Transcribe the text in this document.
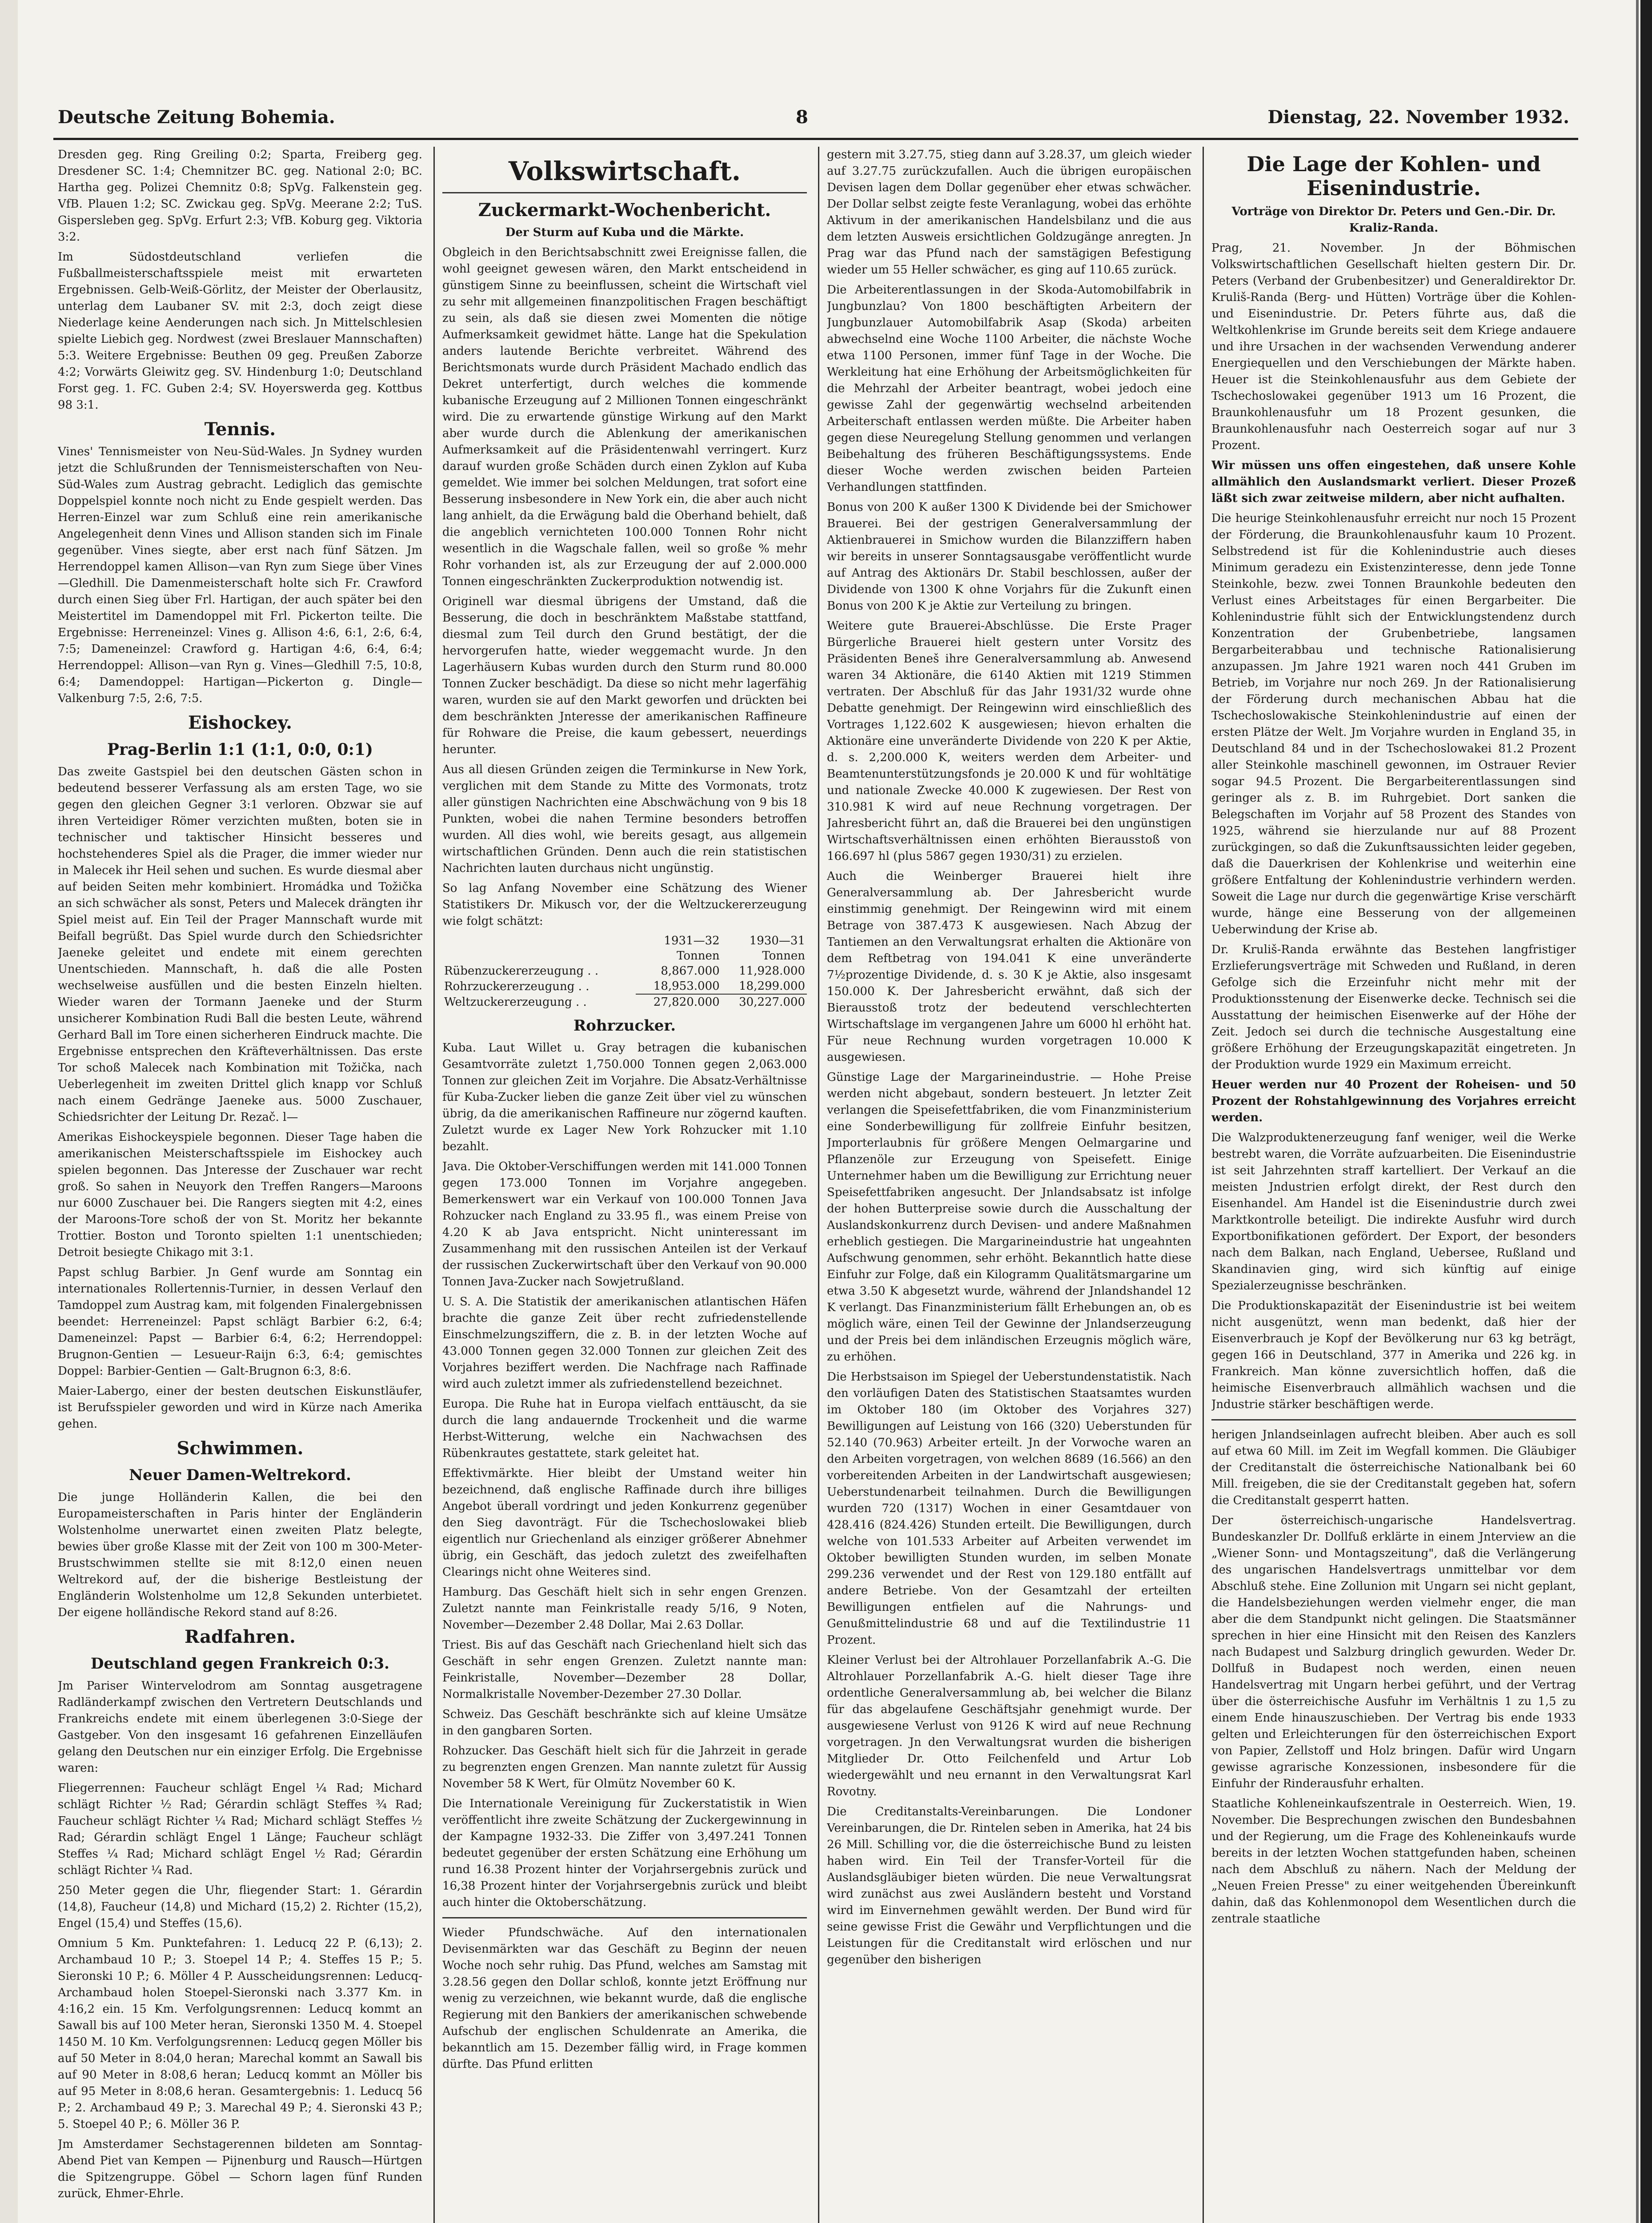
Deutsche Zeitung Bohemia.	8	Dienstag, 22. November 1932.

Dresden geg. Ring Greiling 0:2; Sparta, Freiberg geg. Dresdener SC. 1:4; Chemnitzer BC. geg. National 2:0; BC. Hartha geg. Polizei Chemnitz 0:8; SpVg. Falkenstein geg. VfB. Plauen 1:2; SC. Zwickau geg. SpVg. Meerane 2:2; TuS. Gispersleben geg. SpVg. Erfurt 2:3; VfB. Koburg geg. Viktoria 3:2.

Im Südostdeutschland verliefen die Fußballmeisterschaftsspiele meist mit erwarteten Ergebnissen. Gelb-Weiß-Görlitz, der Meister der Oberlausitz, unterlag dem Laubaner SV. mit 2:3, doch zeigt diese Niederlage keine Aenderungen nach sich. Jn Mittelschlesien spielte Liebich geg. Nordwest (zwei Breslauer Mannschaften) 5:3. Weitere Ergebnisse: Beuthen 09 geg. Preußen Zaborze 4:2; Vorwärts Gleiwitz geg. SV. Hindenburg 1:0; Deutschland Forst geg. 1. FC. Guben 2:4; SV. Hoyerswerda geg. Kottbus 98 3:1.

Tennis.

Vines' Tennismeister von Neu-Süd-Wales. Jn Sydney wurden jetzt die Schlußrunden der Tennismeisterschaften von Neu-Süd-Wales zum Austrag gebracht. Lediglich das gemischte Doppelspiel konnte noch nicht zu Ende gespielt werden. Das Herren-Einzel war zum Schluß eine rein amerikanische Angelegenheit denn Vines und Allison standen sich im Finale gegenüber. Vines siegte, aber erst nach fünf Sätzen. Jm Herrendoppel kamen Allison—van Ryn zum Siege über Vines—Gledhill. Die Damenmeisterschaft holte sich Fr. Crawford durch einen Sieg über Frl. Hartigan, der auch später bei den Meistertitel im Damendoppel mit Frl. Pickerton teilte. Die Ergebnisse: Herreneinzel: Vines g. Allison 4:6, 6:1, 2:6, 6:4, 7:5; Dameneinzel: Crawford g. Hartigan 4:6, 6:4, 6:4; Herrendoppel: Allison—van Ryn g. Vines—Gledhill 7:5, 10:8, 6:4; Damendoppel: Hartigan—Pickerton g. Dingle—Valkenburg 7:5, 2:6, 7:5.

Eishockey.
Prag-Berlin 1:1 (1:1, 0:0, 0:1)

Das zweite Gastspiel bei den deutschen Gästen schon in bedeutend besserer Verfassung als am ersten Tage, wo sie gegen den gleichen Gegner 3:1 verloren. Obzwar sie auf ihren Verteidiger Römer verzichten mußten, boten sie in technischer und taktischer Hinsicht besseres und hochstehenderes Spiel als die Prager, die immer wieder nur in Malecek ihr Heil sehen und suchen. Es wurde diesmal aber auf beiden Seiten mehr kombiniert. Hromádka und Tožička an sich schwächer als sonst, Peters und Malecek drängten ihr Spiel meist auf. Ein Teil der Prager Mannschaft wurde mit Beifall begrüßt. Das Spiel wurde durch den Schiedsrichter Jaeneke geleitet und endete mit einem gerechten Unentschieden. Mannschaft, h. daß die alle Posten wechselweise ausfüllen und die besten Einzeln hielten. Wieder waren der Tormann Jaeneke und der Sturm unsicherer Kombination Rudi Ball die besten Leute, während Gerhard Ball im Tore einen sicherheren Eindruck machte. Die Ergebnisse entsprechen den Kräfteverhältnissen. Das erste Tor schoß Malecek nach Kombination mit Tožička, nach Ueberlegenheit im zweiten Drittel glich knapp vor Schluß nach einem Gedränge Jaeneke aus. 5000 Zuschauer, Schiedsrichter der Leitung Dr. Rezač. l—

Amerikas Eishockeyspiele begonnen. Dieser Tage haben die amerikanischen Meisterschaftsspiele im Eishockey auch spielen begonnen. Das Jnteresse der Zuschauer war recht groß. So sahen in Neuyork den Treffen Rangers—Maroons nur 6000 Zuschauer bei. Die Rangers siegten mit 4:2, eines der Maroons-Tore schoß der von St. Moritz her bekannte Trottier. Boston und Toronto spielten 1:1 unentschieden; Detroit besiegte Chikago mit 3:1.

Papst schlug Barbier. Jn Genf wurde am Sonntag ein internationales Rollertennis-Turnier, in dessen Verlauf den Tamdoppel zum Austrag kam, mit folgenden Finalergebnissen beendet: Herreneinzel: Papst schlägt Barbier 6:2, 6:4; Dameneinzel: Papst — Barbier 6:4, 6:2; Herrendoppel: Brugnon-Gentien — Lesueur-Raijn 6:3, 6:4; gemischtes Doppel: Barbier-Gentien — Galt-Brugnon 6:3, 8:6.

Maier-Labergo, einer der besten deutschen Eiskunstläufer, ist Berufsspieler geworden und wird in Kürze nach Amerika gehen.

Schwimmen.
Neuer Damen-Weltrekord.

Die junge Holländerin Kallen, die bei den Europameisterschaften in Paris hinter der Engländerin Wolstenholme unerwartet einen zweiten Platz belegte, bewies über große Klasse mit der Zeit von 100 m 300-Meter-Brustschwimmen stellte sie mit 8:12,0 einen neuen Weltrekord auf, der die bisherige Bestleistung der Engländerin Wolstenholme um 12,8 Sekunden unterbietet. Der eigene holländische Rekord stand auf 8:26.

Radfahren.
Deutschland gegen Frankreich 0:3.

Jm Pariser Wintervelodrom am Sonntag ausgetragene Radländerkampf zwischen den Vertretern Deutschlands und Frankreichs endete mit einem überlegenen 3:0-Siege der Gastgeber. Von den insgesamt 16 gefahrenen Einzelläufen gelang den Deutschen nur ein einziger Erfolg. Die Ergebnisse waren:

Fliegerrennen: Faucheur schlägt Engel ¼ Rad; Michard schlägt Richter ½ Rad; Gérardin schlägt Steffes ¾ Rad; Faucheur schlägt Richter ¼ Rad; Michard schlägt Steffes ½ Rad; Gérardin schlägt Engel 1 Länge; Faucheur schlägt Steffes ¼ Rad; Michard schlägt Engel ½ Rad; Gérardin schlägt Richter ¼ Rad.

250 Meter gegen die Uhr, fliegender Start: 1. Gérardin (14,8), Faucheur (14,8) und Michard (15,2) 2. Richter (15,2), Engel (15,4) und Steffes (15,6).

Omnium 5 Km. Punktefahren: 1. Leducq 22 P. (6,13); 2. Archambaud 10 P.; 3. Stoepel 14 P.; 4. Steffes 15 P.; 5. Sieronski 10 P.; 6. Möller 4 P. Ausscheidungsrennen: Leducq-Archambaud holen Stoepel-Sieronski nach 3.377 Km. in 4:16,2 ein. 15 Km. Verfolgungsrennen: Leducq kommt an Sawall bis auf 100 Meter heran, Sieronski 1350 M. 4. Stoepel 1450 M. 10 Km. Verfolgungsrennen: Leducq gegen Möller bis auf 50 Meter in 8:04,0 heran; Marechal kommt an Sawall bis auf 90 Meter in 8:08,6 heran; Leducq kommt an Möller bis auf 95 Meter in 8:08,6 heran. Gesamtergebnis: 1. Leducq 56 P.; 2. Archambaud 49 P.; 3. Marechal 49 P.; 4. Sieronski 43 P.; 5. Stoepel 40 P.; 6. Möller 36 P.

Jm Amsterdamer Sechstagerennen bildeten am Sonntag-Abend Piet van Kempen — Pijnenburg und Rausch—Hürtgen die Spitzengruppe. Göbel — Schorn lagen fünf Runden zurück, Ehmer-Ehrle.

Volkswirtschaft.
Zuckermarkt-Wochenbericht.
Der Sturm auf Kuba und die Märkte.

Obgleich in den Berichtsabschnitt zwei Ereignisse fallen, die wohl geeignet gewesen wären, den Markt entscheidend in günstigem Sinne zu beeinflussen, scheint die Wirtschaft viel zu sehr mit allgemeinen finanzpolitischen Fragen beschäftigt zu sein, als daß sie diesen zwei Momenten die nötige Aufmerksamkeit gewidmet hätte. Lange hat die Spekulation anders lautende Berichte verbreitet. Während des Berichtsmonats wurde durch Präsident Machado endlich das Dekret unterfertigt, durch welches die kommende kubanische Erzeugung auf 2 Millionen Tonnen eingeschränkt wird. Die zu erwartende günstige Wirkung auf den Markt aber wurde durch die Ablenkung der amerikanischen Aufmerksamkeit auf die Präsidentenwahl verringert. Kurz darauf wurden große Schäden durch einen Zyklon auf Kuba gemeldet. Wie immer bei solchen Meldungen, trat sofort eine Besserung insbesondere in New York ein, die aber auch nicht lang anhielt, da die Erwägung bald die Oberhand behielt, daß die angeblich vernichteten 100.000 Tonnen Rohr nicht wesentlich in die Wagschale fallen, weil so große % mehr Rohr vorhanden ist, als zur Erzeugung der auf 2.000.000 Tonnen eingeschränkten Zuckerproduktion notwendig ist.

Originell war diesmal übrigens der Umstand, daß die Besserung, die doch in beschränktem Maßstabe stattfand, diesmal zum Teil durch den Grund bestätigt, der die hervorgerufen hatte, wieder weggemacht wurde. Jn den Lagerhäusern Kubas wurden durch den Sturm rund 80.000 Tonnen Zucker beschädigt. Da diese so nicht mehr lagerfähig waren, wurden sie auf den Markt geworfen und drückten bei dem beschränkten Jnteresse der amerikanischen Raffineure für Rohware die Preise, die kaum gebessert, neuerdings herunter.

Aus all diesen Gründen zeigen die Terminkurse in New York, verglichen mit dem Stande zu Mitte des Vormonats, trotz aller günstigen Nachrichten eine Abschwächung von 9 bis 18 Punkten, wobei die nahen Termine besonders betroffen wurden. All dies wohl, wie bereits gesagt, aus allgemein wirtschaftlichen Gründen. Denn auch die rein statistischen Nachrichten lauten durchaus nicht ungünstig.

So lag Anfang November eine Schätzung des Wiener Statistikers Dr. Mikusch vor, der die Weltzuckererzeugung wie folgt schätzt:

	1931—32	1930—31
	Tonnen	Tonnen
Rübenzuckererzeugung . .	8,867.000	11,928.000
Rohrzuckererzeugung . .	18,953.000	18,299.000
Weltzuckererzeugung . .	27,820.000	30,227.000
Rohrzucker.

Kuba. Laut Willet u. Gray betragen die kubanischen Gesamtvorräte zuletzt 1,750.000 Tonnen gegen 2,063.000 Tonnen zur gleichen Zeit im Vorjahre. Die Absatz-Verhältnisse für Kuba-Zucker lieben die ganze Zeit über viel zu wünschen übrig, da die amerikanischen Raffineure nur zögernd kauften. Zuletzt wurde ex Lager New York Rohzucker mit 1.10 bezahlt.

Java. Die Oktober-Verschiffungen werden mit 141.000 Tonnen gegen 173.000 Tonnen im Vorjahre angegeben. Bemerkenswert war ein Verkauf von 100.000 Tonnen Java Rohzucker nach England zu 33.95 fl., was einem Preise von 4.20 K ab Java entspricht. Nicht uninteressant im Zusammenhang mit den russischen Anteilen ist der Verkauf der russischen Zuckerwirtschaft über den Verkauf von 90.000 Tonnen Java-Zucker nach Sowjetrußland.

U. S. A. Die Statistik der amerikanischen atlantischen Häfen brachte die ganze Zeit über recht zufriedenstellende Einschmelzungsziffern, die z. B. in der letzten Woche auf 43.000 Tonnen gegen 32.000 Tonnen zur gleichen Zeit des Vorjahres beziffert werden. Die Nachfrage nach Raffinade wird auch zuletzt immer als zufriedenstellend bezeichnet.

Europa. Die Ruhe hat in Europa vielfach enttäuscht, da sie durch die lang andauernde Trockenheit und die warme Herbst-Witterung, welche ein Nachwachsen des Rübenkrautes gestattete, stark geleitet hat.

Effektivmärkte. Hier bleibt der Umstand weiter hin bezeichnend, daß englische Raffinade durch ihre billiges Angebot überall vordringt und jeden Konkurrenz gegenüber den Sieg davonträgt. Für die Tschechoslowakei blieb eigentlich nur Griechenland als einziger größerer Abnehmer übrig, ein Geschäft, das jedoch zuletzt des zweifelhaften Clearings nicht ohne Weiteres sind.

Hamburg. Das Geschäft hielt sich in sehr engen Grenzen. Zuletzt nannte man Feinkristalle ready 5/16, 9 Noten, November—Dezember 2.48 Dollar, Mai 2.63 Dollar.

Triest. Bis auf das Geschäft nach Griechenland hielt sich das Geschäft in sehr engen Grenzen. Zuletzt nannte man: Feinkristalle, November—Dezember 28 Dollar, Normalkristalle November-Dezember 27.30 Dollar.

Schweiz. Das Geschäft beschränkte sich auf kleine Umsätze in den gangbaren Sorten.

Rohzucker. Das Geschäft hielt sich für die Jahrzeit in gerade zu begrenzten engen Grenzen. Man nannte zuletzt für Aussig November 58 K Wert, für Olmütz November 60 K.

Die Internationale Vereinigung für Zuckerstatistik in Wien veröffentlicht ihre zweite Schätzung der Zuckergewinnung in der Kampagne 1932-33. Die Ziffer von 3,497.241 Tonnen bedeutet gegenüber der ersten Schätzung eine Erhöhung um rund 16.38 Prozent hinter der Vorjahrsergebnis zurück und 16,38 Prozent hinter der Vorjahrsergebnis zurück und bleibt auch hinter die Oktoberschätzung.

Wieder Pfundschwäche. Auf den internationalen Devisenmärkten war das Geschäft zu Beginn der neuen Woche noch sehr ruhig. Das Pfund, welches am Samstag mit 3.28.56 gegen den Dollar schloß, konnte jetzt Eröffnung nur wenig zu verzeichnen, wie bekannt wurde, daß die englische Regierung mit den Bankiers der amerikanischen schwebende Aufschub der englischen Schuldenrate an Amerika, die bekanntlich am 15. Dezember fällig wird, in Frage kommen dürfte. Das Pfund erlitten

gestern mit 3.27.75, stieg dann auf 3.28.37, um gleich wieder auf 3.27.75 zurückzufallen. Auch die übrigen europäischen Devisen lagen dem Dollar gegenüber eher etwas schwächer. Der Dollar selbst zeigte feste Veranlagung, wobei das erhöhte Aktivum in der amerikanischen Handelsbilanz und die aus dem letzten Ausweis ersichtlichen Goldzugänge anregten. Jn Prag war das Pfund nach der samstägigen Befestigung wieder um 55 Heller schwächer, es ging auf 110.65 zurück.

Die Arbeiterentlassungen in der Skoda-Automobilfabrik in Jungbunzlau? Von 1800 beschäftigten Arbeitern der Jungbunzlauer Automobilfabrik Asap (Skoda) arbeiten abwechselnd eine Woche 1100 Arbeiter, die nächste Woche etwa 1100 Personen, immer fünf Tage in der Woche. Die Werkleitung hat eine Erhöhung der Arbeitsmöglichkeiten für die Mehrzahl der Arbeiter beantragt, wobei jedoch eine gewisse Zahl der gegenwärtig wechselnd arbeitenden Arbeiterschaft entlassen werden müßte. Die Arbeiter haben gegen diese Neuregelung Stellung genommen und verlangen Beibehaltung des früheren Beschäftigungssystems. Ende dieser Woche werden zwischen beiden Parteien Verhandlungen stattfinden.

Bonus von 200 K außer 1300 K Dividende bei der Smichower Brauerei. Bei der gestrigen Generalversammlung der Aktienbrauerei in Smichow wurden die Bilanzziffern haben wir bereits in unserer Sonntagsausgabe veröffentlicht wurde auf Antrag des Aktionärs Dr. Stabil beschlossen, außer der Dividende von 1300 K ohne Vorjahrs für die Zukunft einen Bonus von 200 K je Aktie zur Verteilung zu bringen.

Weitere gute Brauerei-Abschlüsse. Die Erste Prager Bürgerliche Brauerei hielt gestern unter Vorsitz des Präsidenten Beneš ihre Generalversammlung ab. Anwesend waren 34 Aktionäre, die 6140 Aktien mit 1219 Stimmen vertraten. Der Abschluß für das Jahr 1931/32 wurde ohne Debatte genehmigt. Der Reingewinn wird einschließlich des Vortrages 1,122.602 K ausgewiesen; hievon erhalten die Aktionäre eine unveränderte Dividende von 220 K per Aktie, d. s. 2,200.000 K, weiters werden dem Arbeiter- und Beamtenunterstützungsfonds je 20.000 K und für wohltätige und nationale Zwecke 40.000 K zugewiesen. Der Rest von 310.981 K wird auf neue Rechnung vorgetragen. Der Jahresbericht führt an, daß die Brauerei bei den ungünstigen Wirtschaftsverhältnissen einen erhöhten Bierausstoß von 166.697 hl (plus 5867 gegen 1930/31) zu erzielen.

Auch die Weinberger Brauerei hielt ihre Generalversammlung ab. Der Jahresbericht wurde einstimmig genehmigt. Der Reingewinn wird mit einem Betrage von 387.473 K ausgewiesen. Nach Abzug der Tantiemen an den Verwaltungsrat erhalten die Aktionäre von dem Reftbetrag von 194.041 K eine unveränderte 7½prozentige Dividende, d. s. 30 K je Aktie, also insgesamt 150.000 K. Der Jahresbericht erwähnt, daß sich der Bierausstoß trotz der bedeutend verschlechterten Wirtschaftslage im vergangenen Jahre um 6000 hl erhöht hat. Für neue Rechnung wurden vorgetragen 10.000 K ausgewiesen.

Günstige Lage der Margarineindustrie. — Hohe Preise werden nicht abgebaut, sondern besteuert. Jn letzter Zeit verlangen die Speisefettfabriken, die vom Finanzministerium eine Sonderbewilligung für zollfreie Einfuhr besitzen, Jmporterlaubnis für größere Mengen Oelmargarine und Pflanzenöle zur Erzeugung von Speisefett. Einige Unternehmer haben um die Bewilligung zur Errichtung neuer Speisefettfabriken angesucht. Der Jnlandsabsatz ist infolge der hohen Butterpreise sowie durch die Ausschaltung der Auslandskonkurrenz durch Devisen- und andere Maßnahmen erheblich gestiegen. Die Margarineindustrie hat ungeahnten Aufschwung genommen, sehr erhöht. Bekanntlich hatte diese Einfuhr zur Folge, daß ein Kilogramm Qualitätsmargarine um etwa 3.50 K abgesetzt wurde, während der Jnlandshandel 12 K verlangt. Das Finanzministerium fällt Erhebungen an, ob es möglich wäre, einen Teil der Gewinne der Jnlandserzeugung und der Preis bei dem inländischen Erzeugnis möglich wäre, zu erhöhen.

Die Herbstsaison im Spiegel der Ueberstundenstatistik. Nach den vorläufigen Daten des Statistischen Staatsamtes wurden im Oktober 180 (im Oktober des Vorjahres 327) Bewilligungen auf Leistung von 166 (320) Ueberstunden für 52.140 (70.963) Arbeiter erteilt. Jn der Vorwoche waren an den Arbeiten vorgetragen, von welchen 8689 (16.566) an den vorbereitenden Arbeiten in der Landwirtschaft ausgewiesen; Ueberstundenarbeit teilnahmen. Durch die Bewilligungen wurden 720 (1317) Wochen in einer Gesamtdauer von 428.416 (824.426) Stunden erteilt. Die Bewilligungen, durch welche von 101.533 Arbeiter auf Arbeiten verwendet im Oktober bewilligten Stunden wurden, im selben Monate 299.236 verwendet und der Rest von 129.180 entfällt auf andere Betriebe. Von der Gesamtzahl der erteilten Bewilligungen entfielen auf die Nahrungs- und Genußmittelindustrie 68 und auf die Textilindustrie 11 Prozent.

Kleiner Verlust bei der Altrohlauer Porzellanfabrik A.-G. Die Altrohlauer Porzellanfabrik A.-G. hielt dieser Tage ihre ordentliche Generalversammlung ab, bei welcher die Bilanz für das abgelaufene Geschäftsjahr genehmigt wurde. Der ausgewiesene Verlust von 9126 K wird auf neue Rechnung vorgetragen. Jn den Verwaltungsrat wurden die bisherigen Mitglieder Dr. Otto Feilchenfeld und Artur Lob wiedergewählt und neu ernannt in den Verwaltungsrat Karl Rovotny.

Die Creditanstalts-Vereinbarungen. Die Londoner Vereinbarungen, die Dr. Rintelen seben in Amerika, hat 24 bis 26 Mill. Schilling vor, die die österreichische Bund zu leisten haben wird. Ein Teil der Transfer-Vorteil für die Auslandsgläubiger bieten würden. Die neue Verwaltungsrat wird zunächst aus zwei Ausländern besteht und Vorstand wird im Einvernehmen gewählt werden. Der Bund wird für seine gewisse Frist die Gewähr und Verpflichtungen und die Leistungen für die Creditanstalt wird erlöschen und nur gegenüber den bisherigen

Die Lage der Kohlen- und Eisenindustrie.
Vorträge von Direktor Dr. Peters und Gen.-Dir. Dr. Kraliz-Randa.

Prag, 21. November. Jn der Böhmischen Volkswirtschaftlichen Gesellschaft hielten gestern Dir. Dr. Peters (Verband der Grubenbesitzer) und Generaldirektor Dr. Kruliš-Randa (Berg- und Hütten) Vorträge über die Kohlen- und Eisenindustrie. Dr. Peters führte aus, daß die Weltkohlenkrise im Grunde bereits seit dem Kriege andauere und ihre Ursachen in der wachsenden Verwendung anderer Energiequellen und den Verschiebungen der Märkte haben. Heuer ist die Steinkohlenausfuhr aus dem Gebiete der Tschechoslowakei gegenüber 1913 um 16 Prozent, die Braunkohlenausfuhr um 18 Prozent gesunken, die Braunkohlenausfuhr nach Oesterreich sogar auf nur 3 Prozent.

Wir müssen uns offen eingestehen, daß unsere Kohle allmählich den Auslandsmarkt verliert. Dieser Prozeß läßt sich zwar zeitweise mildern, aber nicht aufhalten.

Die heurige Steinkohlenausfuhr erreicht nur noch 15 Prozent der Förderung, die Braunkohlenausfuhr kaum 10 Prozent. Selbstredend ist für die Kohlenindustrie auch dieses Minimum geradezu ein Existenzinteresse, denn jede Tonne Steinkohle, bezw. zwei Tonnen Braunkohle bedeuten den Verlust eines Arbeitstages für einen Bergarbeiter. Die Kohlenindustrie fühlt sich der Entwicklungstendenz durch Konzentration der Grubenbetriebe, langsamen Bergarbeiterabbau und technische Rationalisierung anzupassen. Jm Jahre 1921 waren noch 441 Gruben im Betrieb, im Vorjahre nur noch 269. Jn der Rationalisierung der Förderung durch mechanischen Abbau hat die Tschechoslowakische Steinkohlenindustrie auf einen der ersten Plätze der Welt. Jm Vorjahre wurden in England 35, in Deutschland 84 und in der Tschechoslowakei 81.2 Prozent aller Steinkohle maschinell gewonnen, im Ostrauer Revier sogar 94.5 Prozent. Die Bergarbeiterentlassungen sind geringer als z. B. im Ruhrgebiet. Dort sanken die Belegschaften im Vorjahr auf 58 Prozent des Standes von 1925, während sie hierzulande nur auf 88 Prozent zurückgingen, so daß die Zukunftsaussichten leider gegeben, daß die Dauerkrisen der Kohlenkrise und weiterhin eine größere Entfaltung der Kohlenindustrie verhindern werden. Soweit die Lage nur durch die gegenwärtige Krise verschärft wurde, hänge eine Besserung von der allgemeinen Ueberwindung der Krise ab.

Dr. Kruliš-Randa erwähnte das Bestehen langfristiger Erzlieferungsverträge mit Schweden und Rußland, in deren Gefolge sich die Erzeinfuhr nicht mehr mit der Produktionsstenung der Eisenwerke decke. Technisch sei die Ausstattung der heimischen Eisenwerke auf der Höhe der Zeit. Jedoch sei durch die technische Ausgestaltung eine größere Erhöhung der Erzeugungskapazität eingetreten. Jn der Produktion wurde 1929 ein Maximum erreicht.

Heuer werden nur 40 Prozent der Roheisen- und 50 Prozent der Rohstahlgewinnung des Vorjahres erreicht werden.

Die Walzproduktenerzeugung fanf weniger, weil die Werke bestrebt waren, die Vorräte aufzuarbeiten. Die Eisenindustrie ist seit Jahrzehnten straff kartelliert. Der Verkauf an die meisten Jndustrien erfolgt direkt, der Rest durch den Eisenhandel. Am Handel ist die Eisenindustrie durch zwei Marktkontrolle beteiligt. Die indirekte Ausfuhr wird durch Exportbonifikationen gefördert. Der Export, der besonders nach dem Balkan, nach England, Uebersee, Rußland und Skandinavien ging, wird sich künftig auf einige Spezialerzeugnisse beschränken.

Die Produktionskapazität der Eisenindustrie ist bei weitem nicht ausgenützt, wenn man bedenkt, daß hier der Eisenverbrauch je Kopf der Bevölkerung nur 63 kg beträgt, gegen 166 in Deutschland, 377 in Amerika und 226 kg. in Frankreich. Man könne zuversichtlich hoffen, daß die heimische Eisenverbrauch allmählich wachsen und die Jndustrie stärker beschäftigen werde.

herigen Jnlandseinlagen aufrecht bleiben. Aber auch es soll auf etwa 60 Mill. im Zeit im Wegfall kommen. Die Gläubiger der Creditanstalt die österreichische Nationalbank bei 60 Mill. freigeben, die sie der Creditanstalt gegeben hat, sofern die Creditanstalt gesperrt hatten.

Der österreichisch-ungarische Handelsvertrag. Bundeskanzler Dr. Dollfuß erklärte in einem Jnterview an die „Wiener Sonn- und Montagszeitung", daß die Verlängerung des ungarischen Handelsvertrags unmittelbar vor dem Abschluß stehe. Eine Zollunion mit Ungarn sei nicht geplant, die Handelsbeziehungen werden vielmehr enger, die man aber die dem Standpunkt nicht gelingen. Die Staatsmänner sprechen in hier eine Hinsicht mit den Reisen des Kanzlers nach Budapest und Salzburg dringlich gewurden. Weder Dr. Dollfuß in Budapest noch werden, einen neuen Handelsvertrag mit Ungarn herbei geführt, und der Vertrag über die österreichische Ausfuhr im Verhältnis 1 zu 1,5 zu einem Ende hinauszuschieben. Der Vertrag bis ende 1933 gelten und Erleichterungen für den österreichischen Export von Papier, Zellstoff und Holz bringen. Dafür wird Ungarn gewisse agrarische Konzessionen, insbesondere für die Einfuhr der Rinderausfuhr erhalten.

Staatliche Kohleneinkaufszentrale in Oesterreich. Wien, 19. November. Die Besprechungen zwischen den Bundesbahnen und der Regierung, um die Frage des Kohleneinkaufs wurde bereits in der letzten Wochen stattgefunden haben, scheinen nach dem Abschluß zu nähern. Nach der Meldung der „Neuen Freien Presse" zu einer weitgehenden Übereinkunft dahin, daß das Kohlenmonopol dem Wesentlichen durch die zentrale staatliche
